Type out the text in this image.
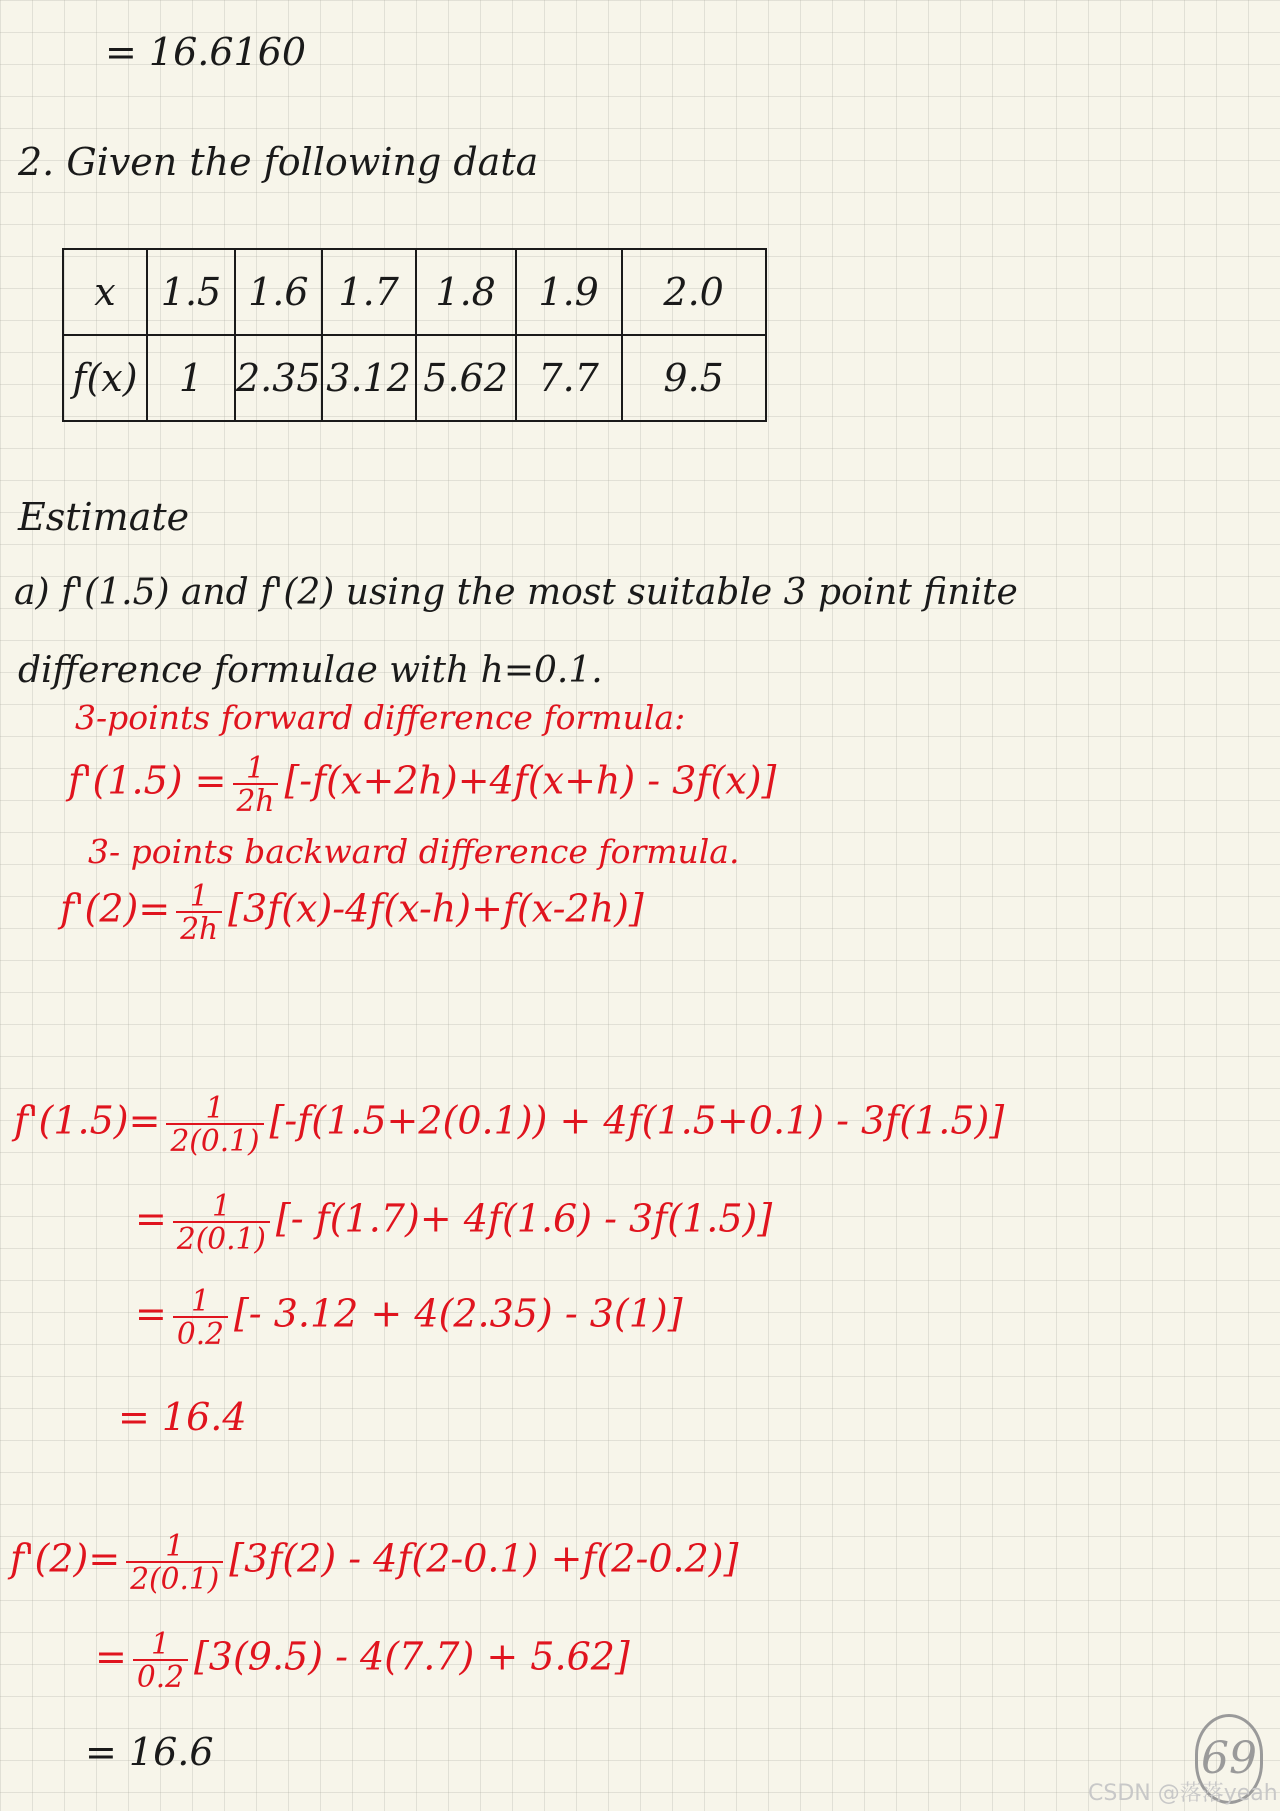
= 16.6160
2. Given the following data
x	1.5	1.6	1.7	1.8	1.9	2.0
f(x)	1	2.35	3.12	5.62	7.7	9.5
Estimate
a) f'(1.5) and f'(2) using the most suitable 3 point finite
difference formulae with h=0.1.
3-points forward difference formula:
$f'(1.5) = \frac{1}{2h} [-f(x+2h)+4f(x+h) - 3f(x)]$
3- points backward difference formula.
$f'(2)= \frac{1}{2h} [3f(x)-4f(x-h)+f(x-2h)]$
$f'(1.5)= \frac{1}{2(0.1)} [-f(1.5+2(0.1)) + 4f(1.5+0.1) - 3f(1.5)]$
= $\frac{1}{2(0.1)}$ [- f(1.7)+ 4f(1.6) - 3f(1.5)]
= $\frac{1}{0.2}$ [- 3.12 + 4(2.35) - 3(1)]
= 16.4
$f'(2)= \frac{1}{2(0.1)} [3f(2) - 4f(2-0.1) +f(2-0.2)]$
= $\frac{1}{0.2} [3(9.5) - 4(7.7) + 5.62]$
= 16.6	69
CSDN @落落yeah
